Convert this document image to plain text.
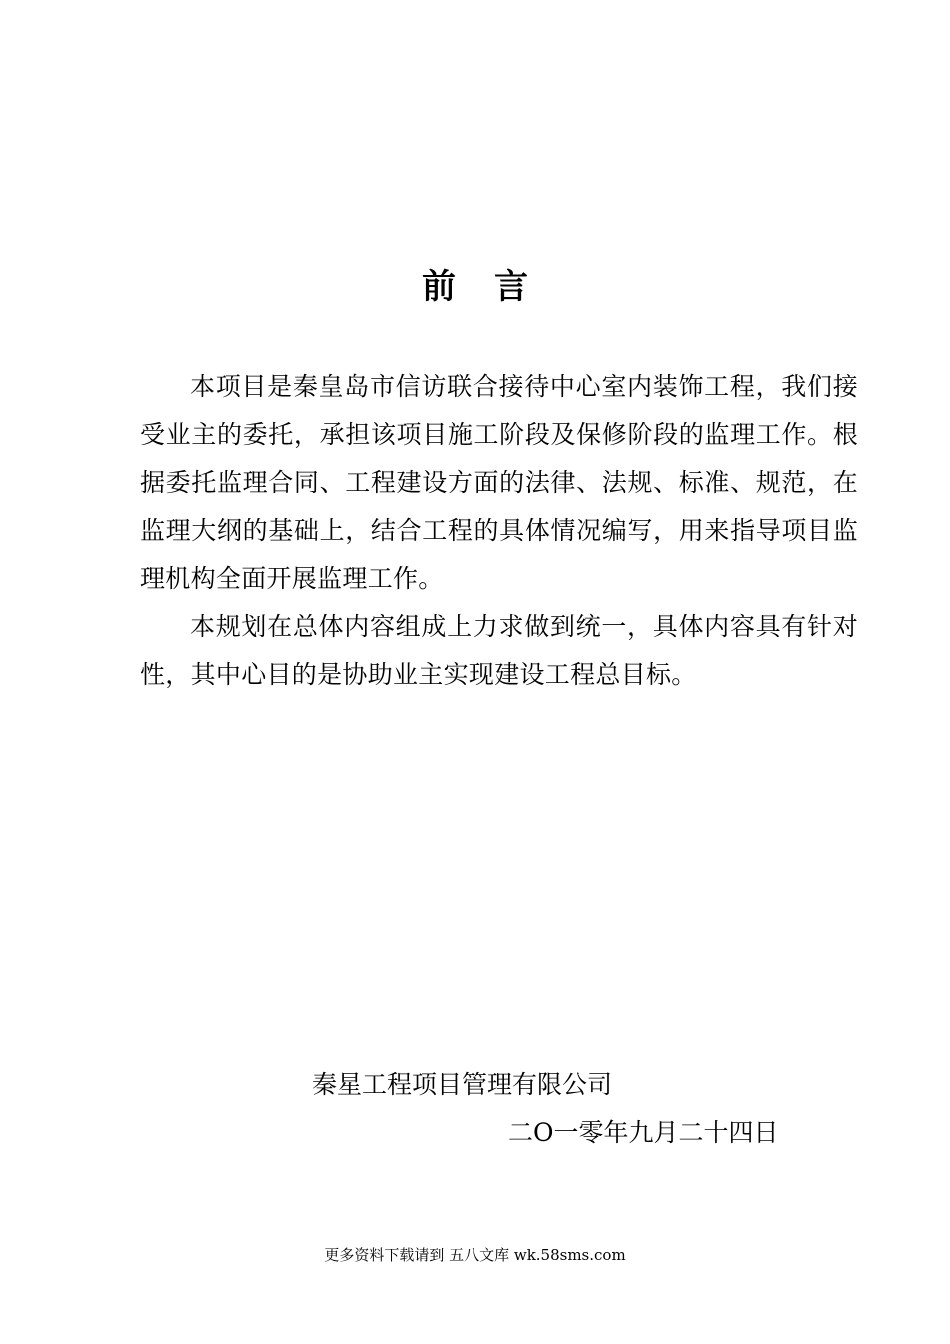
前言

本项目是秦皇岛市信访联合接待中心室内装饰工程，我们接受业主的委托，承担该项目施工阶段及保修阶段的监理工作。根据委托监理合同、工程建设方面的法律、法规、标准、规范，在监理大纲的基础上，结合工程的具体情况编写，用来指导项目监理机构全面开展监理工作。

本规划在总体内容组成上力求做到统一，具体内容具有针对性，其中心目的是协助业主实现建设工程总目标。

秦星工程项目管理有限公司
二O一零年九月二十四日
更多资料下载请到 五八文库 wk.58sms.com
